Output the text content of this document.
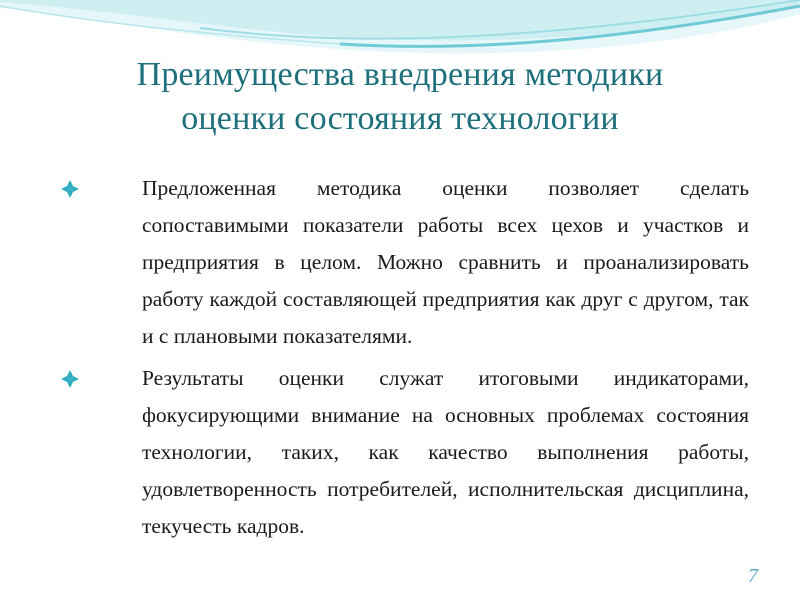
Преимущества внедрения методики
оценки состояния технологии
Предложенная методика оценки позволяет сделать сопоставимыми показатели работы всех цехов и участков и предприятия в целом. Можно сравнить и проанализировать работу каждой составляющей предприятия как друг с другом, так и с плановыми показателями.
Результаты оценки служат итоговыми индикаторами, фокусирующими внимание на основных проблемах состояния технологии, таких, как качество выполнения работы, удовлетворенность потребителей, исполнительская дисциплина, текучесть кадров.
7
